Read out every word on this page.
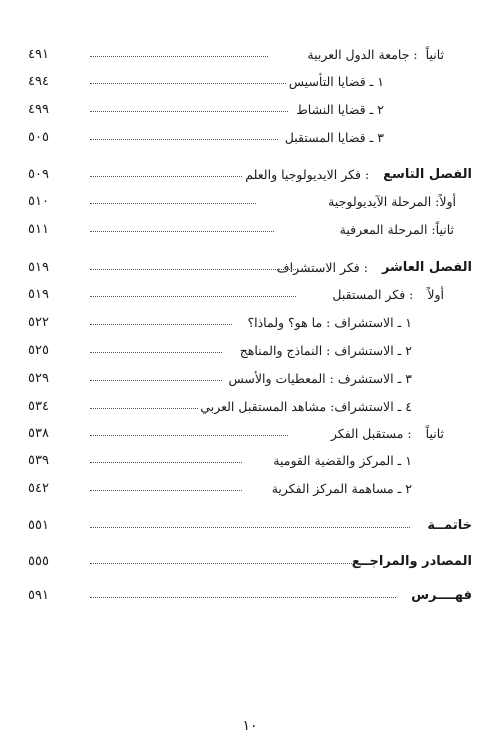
ثانياً
: جامعة الدول العربية
٤٩١
١ ـ قضايا التأسيس
٤٩٤
٢ ـ قضايا النشاط
٤٩٩
٣ ـ قضايا المستقبل
٥٠٥
الفصل التاسع
: فكر الايديولوجيا والعلم
٥٠٩
أولاً: المرحلة الآيديولوجية
٥١٠
ثانياً: المرحلة المعرفية
٥١١
الفصل العاشر
: فكر الاستشراف
٥١٩
أولاً
: فكر المستقبل
٥١٩
١ ـ الاستشراف : ما هو؟ ولماذا؟
٥٢٢
٢ ـ الاستشراف : النماذج والمناهج
٥٢٥
٣ ـ الاستشرف : المعطيات والأسس
٥٢٩
٤ ـ الاستشراف: مشاهد المستقبل العربي
٥٣٤
ثانياً
: مستقبل الفكر
٥٣٨
١ ـ المركز والقضية القومية
٥٣٩
٢ ـ مساهمة المركز الفكرية
٥٤٢
خاتمــة
٥٥١
المصادر والمراجــع
٥٥٥
فهــــرس
٥٩١
١٠
